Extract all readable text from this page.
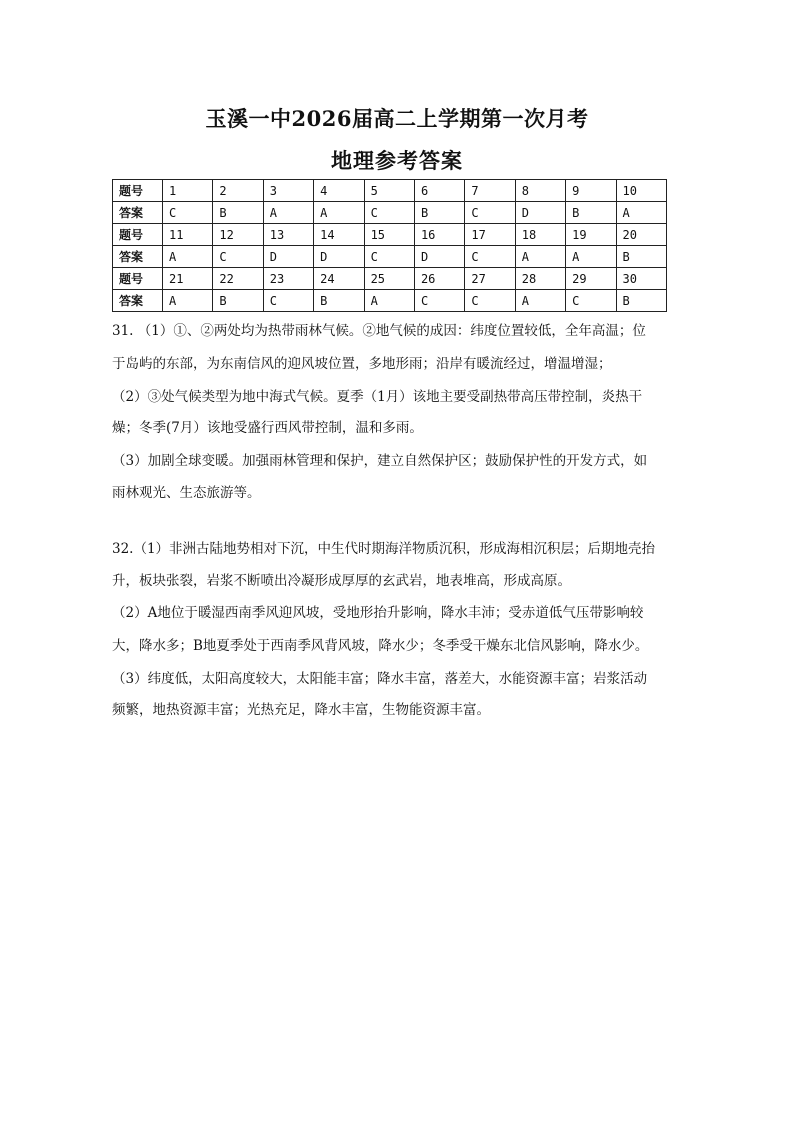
玉溪一中2026届高二上学期第一次月考
地理参考答案
题号	1	2	3	4	5	6	7	8	9	10
答案	C	B	A	A	C	B	C	D	B	A
题号	11	12	13	14	15	16	17	18	19	20
答案	A	C	D	D	C	D	C	A	A	B
题号	21	22	23	24	25	26	27	28	29	30
答案	A	B	C	B	A	C	C	A	C	B
31. （1）①、②两处均为热带雨林气候。②地气候的成因：纬度位置较低，全年高温；位
于岛屿的东部，为东南信风的迎风坡位置，多地形雨；沿岸有暖流经过，增温增湿；
（2）③处气候类型为地中海式气候。夏季（1月）该地主要受副热带高压带控制，炎热干
燥；冬季(7月）该地受盛行西风带控制，温和多雨。
（3）加剧全球变暖。加强雨林管理和保护，建立自然保护区；鼓励保护性的开发方式，如
雨林观光、生态旅游等。
32.（1）非洲古陆地势相对下沉，中生代时期海洋物质沉积，形成海相沉积层；后期地壳抬
升，板块张裂，岩浆不断喷出冷凝形成厚厚的玄武岩，地表堆高，形成高原。
（2）A地位于暖湿西南季风迎风坡，受地形抬升影响，降水丰沛；受赤道低气压带影响较
大，降水多；B地夏季处于西南季风背风坡，降水少；冬季受干燥东北信风影响，降水少。
（3）纬度低，太阳高度较大，太阳能丰富；降水丰富，落差大，水能资源丰富；岩浆活动
频繁，地热资源丰富；光热充足，降水丰富，生物能资源丰富。
